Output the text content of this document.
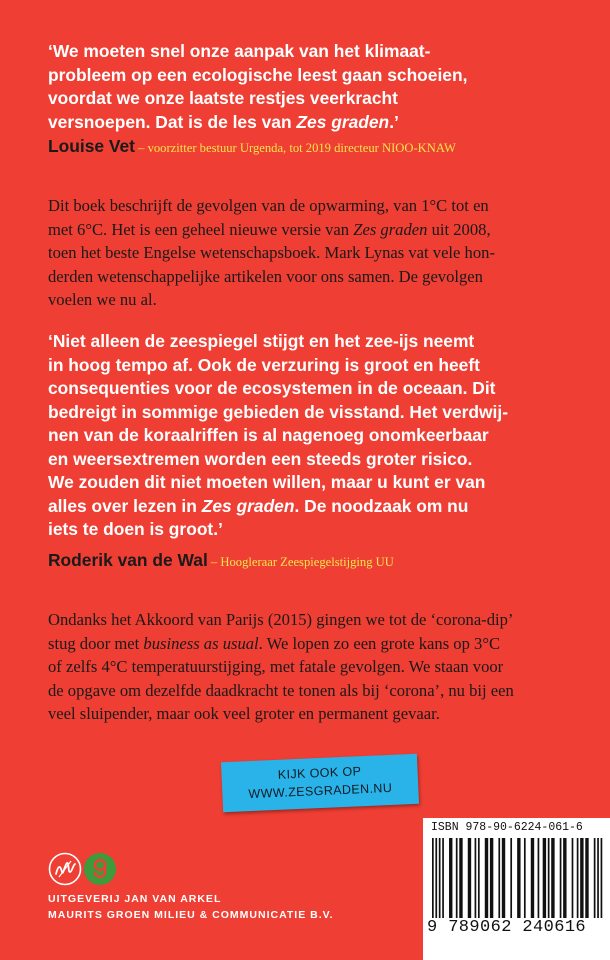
‘We moeten snel onze aanpak van het klimaat-
probleem op een ecologische leest gaan schoeien,
voordat we onze laatste restjes veerkracht
versnoepen. Dat is de les van Zes graden.’

Louise Vet – voorzitter bestuur Urgenda, tot 2019 directeur NIOO-KNAW

Dit boek beschrijft de gevolgen van de opwarming, van 1°C tot en
met 6°C. Het is een geheel nieuwe versie van Zes graden uit 2008,
toen het beste Engelse wetenschapsboek. Mark Lynas vat vele hon-
derden wetenschappelijke artikelen voor ons samen. De gevolgen
voelen we nu al.

‘Niet alleen de zeespiegel stijgt en het zee-ijs neemt
in hoog tempo af. Ook de verzuring is groot en heeft
consequenties voor de ecosystemen in de oceaan. Dit
bedreigt in sommige gebieden de visstand. Het verdwij-
nen van de koraalriffen is al nagenoeg onomkeerbaar
en weersextremen worden een steeds groter risico.
We zouden dit niet moeten willen, maar u kunt er van
alles over lezen in Zes graden. De noodzaak om nu
iets te doen is groot.’

Roderik van de Wal – Hoogleraar Zeespiegelstijging UU

Ondanks het Akkoord van Parijs (2015) gingen we tot de ‘corona-dip’
stug door met business as usual. We lopen zo een grote kans op 3°C
of zelfs 4°C temperatuurstijging, met fatale gevolgen. We staan voor
de opgave om dezelfde daadkracht te tonen als bij ‘corona’, nu bij een
veel sluipender, maar ook veel groter en permanent gevaar.

KIJK OOK OP
WWW.ZESGRADEN.NU
ISBN 978-90-6224-061-6
9 789062 240616
UITGEVERIJ JAN VAN ARKEL
MAURITS GROEN MILIEU & COMMUNICATIE B.V.
